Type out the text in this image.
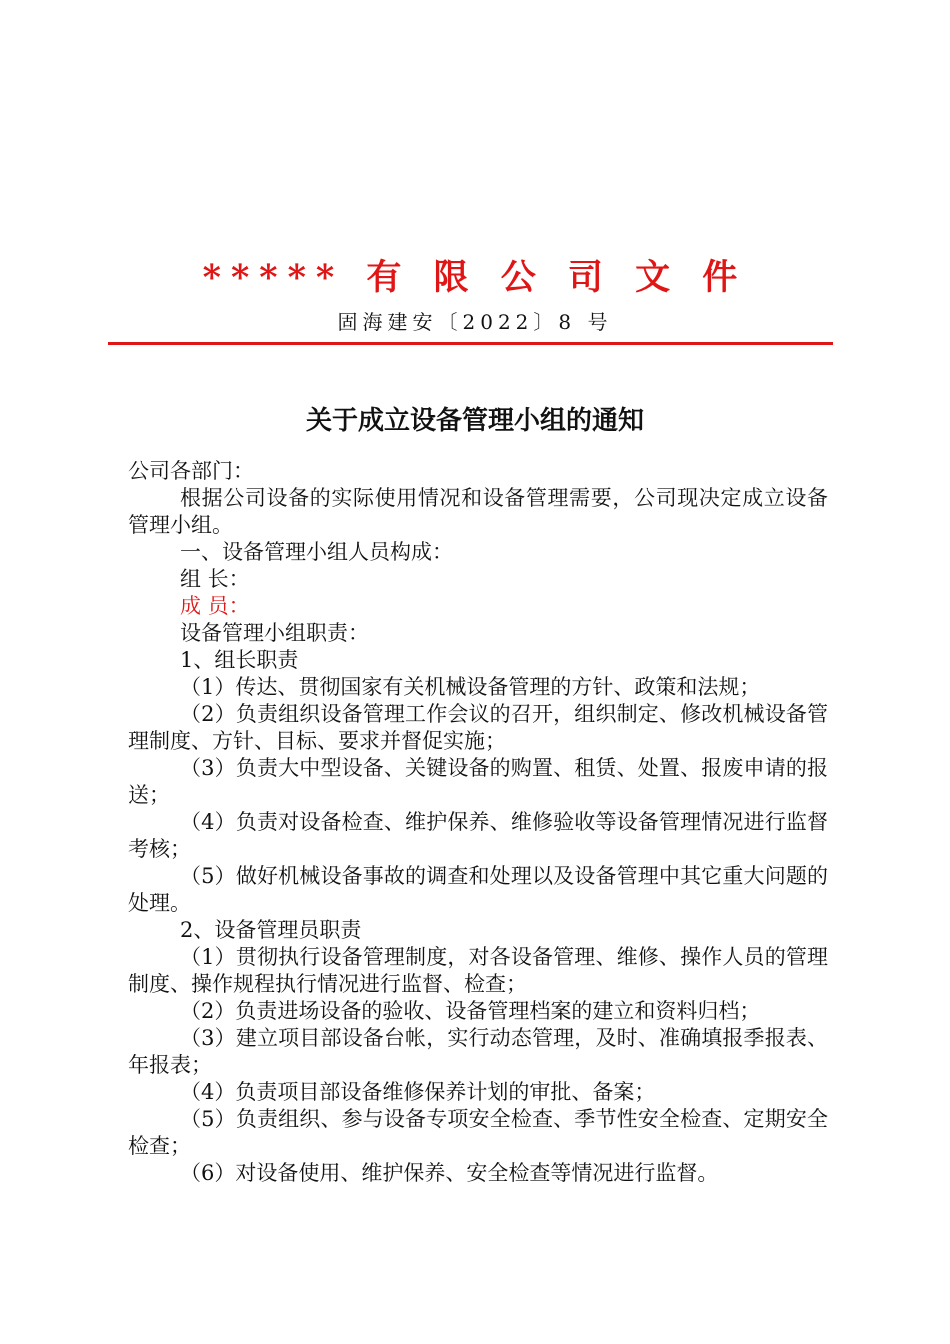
***** 有 限 公 司 文 件
固海建安〔2022〕8 号
关于成立设备管理小组的通知

公司各部门：

根据公司设备的实际使用情况和设备管理需要，公司现决定成立设备管理小组。

一、设备管理小组人员构成：

组 长：

成 员：

设备管理小组职责：

1、组长职责

（1）传达、贯彻国家有关机械设备管理的方针、政策和法规；

（2）负责组织设备管理工作会议的召开，组织制定、修改机械设备管理制度、方针、目标、要求并督促实施；

（3）负责大中型设备、关键设备的购置、租赁、处置、报废申请的报送；

（4）负责对设备检查、维护保养、维修验收等设备管理情况进行监督考核；

（5）做好机械设备事故的调查和处理以及设备管理中其它重大问题的处理。

2、设备管理员职责

（1）贯彻执行设备管理制度，对各设备管理、维修、操作人员的管理制度、操作规程执行情况进行监督、检查；

（2）负责进场设备的验收、设备管理档案的建立和资料归档；

（3）建立项目部设备台帐，实行动态管理，及时、准确填报季报表、年报表；

（4）负责项目部设备维修保养计划的审批、备案；

（5）负责组织、参与设备专项安全检查、季节性安全检查、定期安全检查；

（6）对设备使用、维护保养、安全检查等情况进行监督。
